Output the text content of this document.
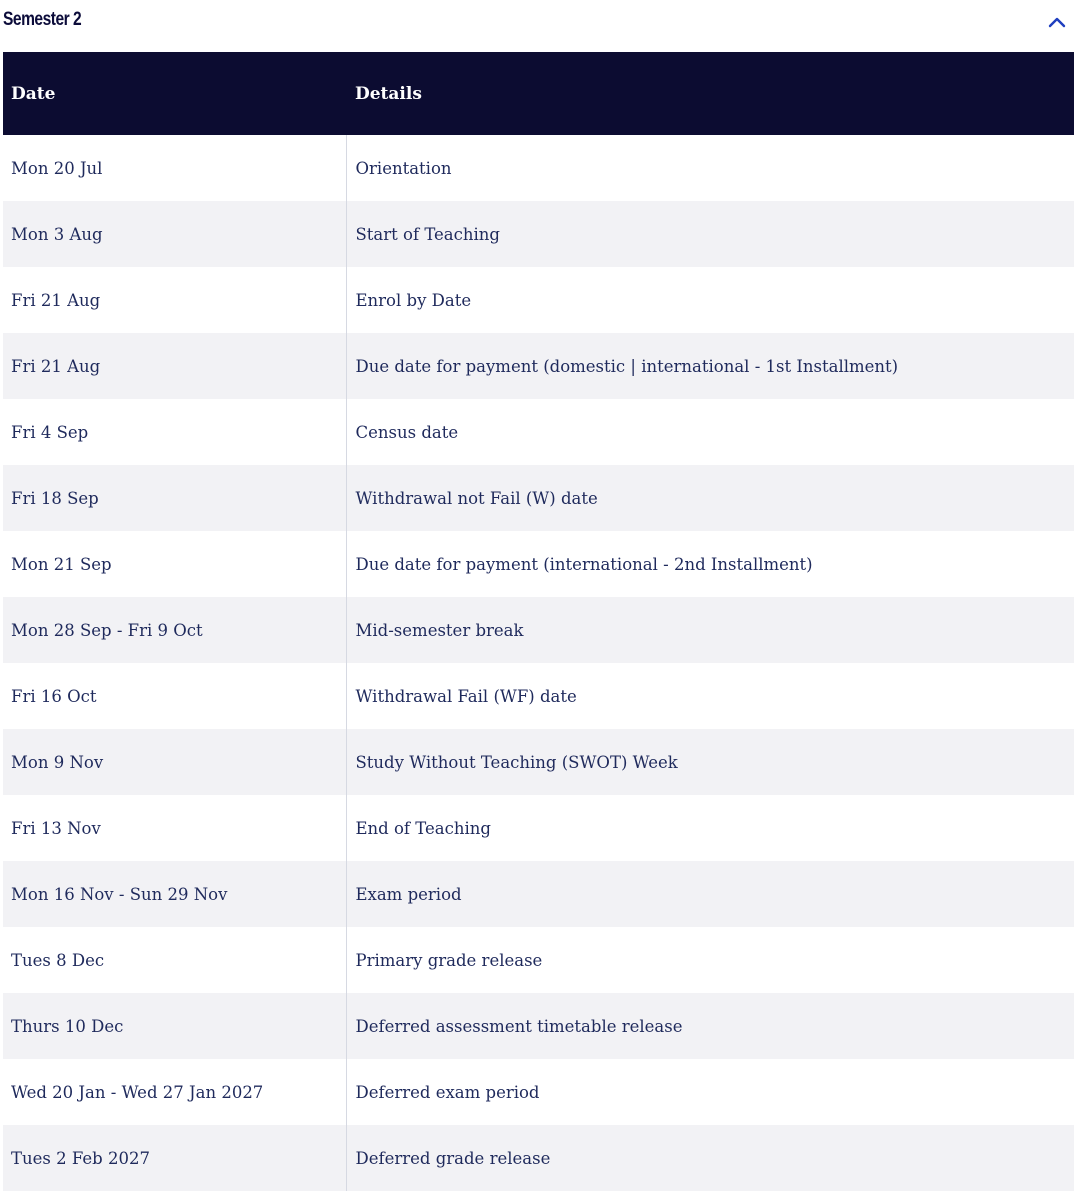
Semester 2
Date	Details
Mon 20 Jul	Orientation
Mon 3 Aug	Start of Teaching
Fri 21 Aug	Enrol by Date
Fri 21 Aug	Due date for payment (domestic | international - 1st Installment)
Fri 4 Sep	Census date
Fri 18 Sep	Withdrawal not Fail (W) date
Mon 21 Sep	Due date for payment (international - 2nd Installment)
Mon 28 Sep - Fri 9 Oct	Mid-semester break
Fri 16 Oct	Withdrawal Fail (WF) date
Mon 9 Nov	Study Without Teaching (SWOT) Week
Fri 13 Nov	End of Teaching
Mon 16 Nov - Sun 29 Nov	Exam period
Tues 8 Dec	Primary grade release
Thurs 10 Dec	Deferred assessment timetable release
Wed 20 Jan - Wed 27 Jan 2027	Deferred exam period
Tues 2 Feb 2027	Deferred grade release
